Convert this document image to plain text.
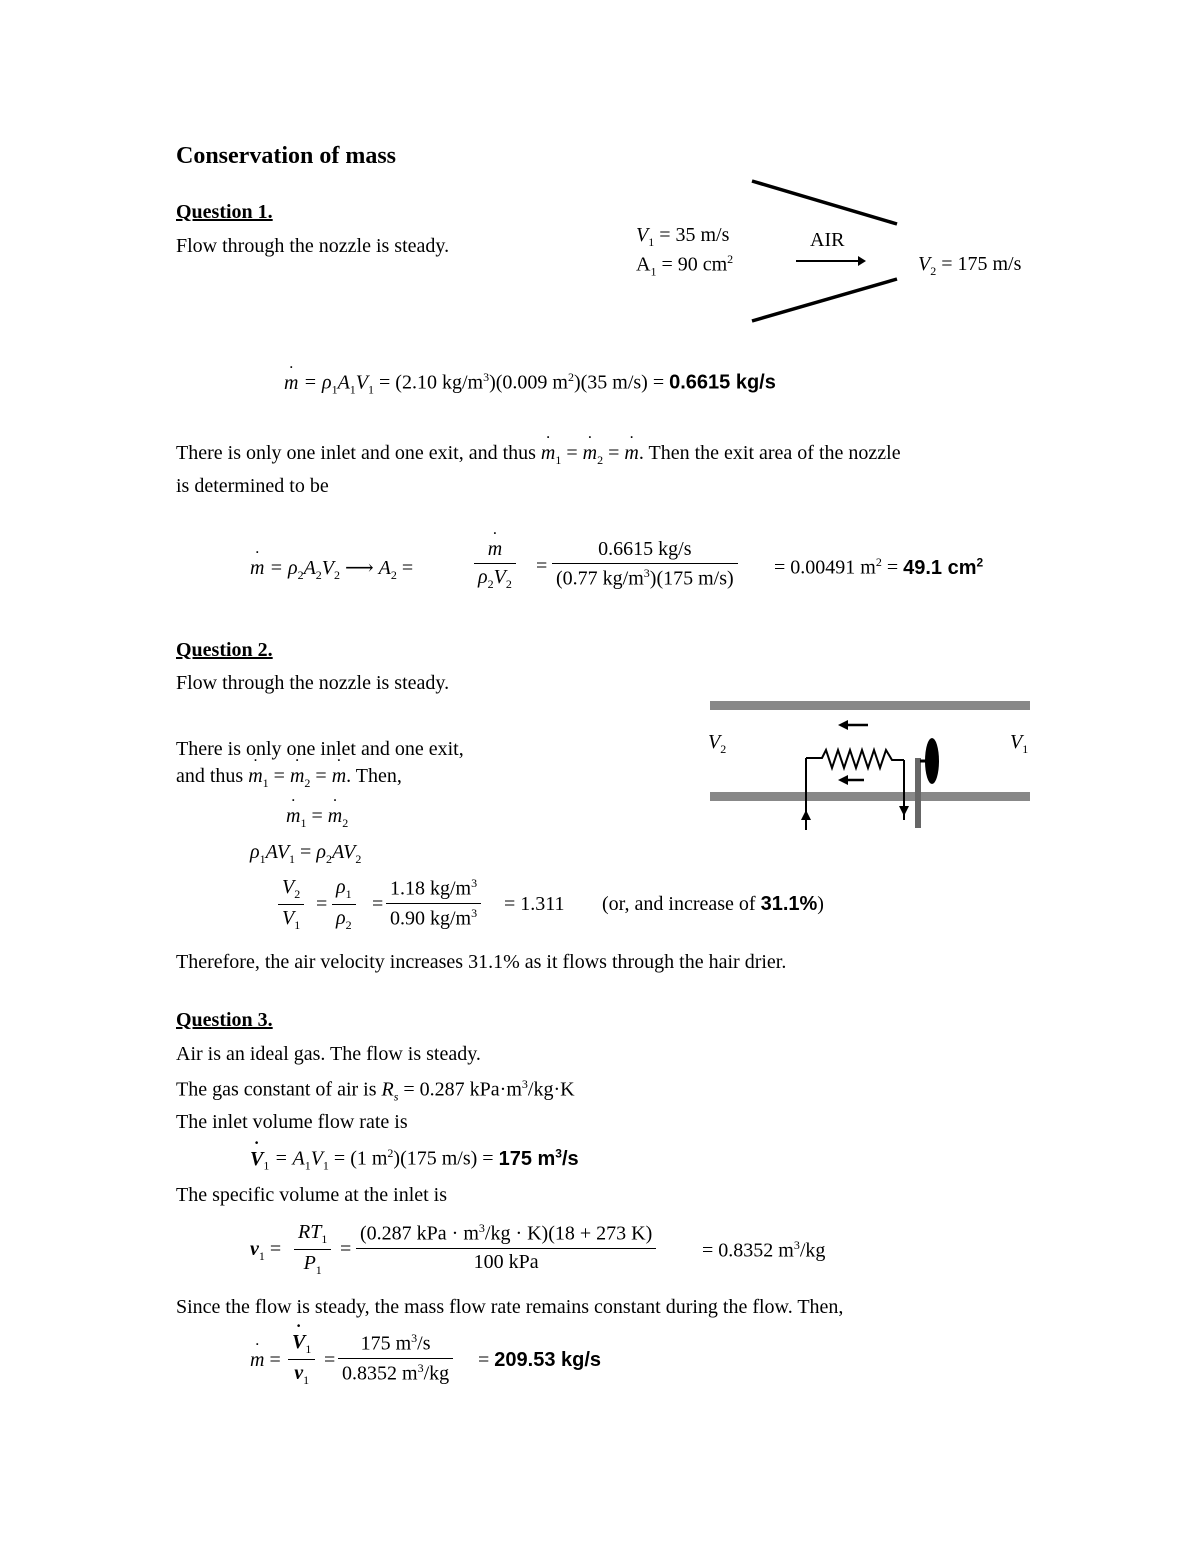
Conservation of mass
Question 1.
Flow through the nozzle is steady.	$V_1 = 35$ m/s
$A_1 = 90$ $cm^2$
AIR
$V_2 = 175$ m/s
˙ $m = \rho_1A_1V_1 = (2.10$ $kg/m^3)(0.009$ $m^2)(35$ m/s) = 0.6615 kg/s
There is only one inlet and one exit, and thus ˙ $m_1$ = ˙ $m_2$ = ˙ m. Then the exit area of the nozzle
is determined to be
˙ $m = \rho_2A_2V_2$ ⟶ $A_2$ =	˙ $\frac{m}{\rho_2V_2} = \frac{0.6615 kg/s}{(0.77 kg/m^3)(175 m/s)} = 0.00491$ $m^2 = 49.1$ $cm^2$
Question 2.
Flow through the nozzle is steady.
There is only one inlet and one exit,
and thus ˙ $m_1$ = ˙ $m_2$ = ˙ m. Then,
$V_2$	$V_1$
˙ $m_1$ = ˙ $m_2$
$\rho_1AV_1 = \rho_2AV_2$
$\frac{V_2}{V_1} = \frac{\rho_1}{\rho_2} = \frac{1.18 kg/m^3}{0.90 kg/m^3} = 1.311$ (or, and increase of 31.1%)
Therefore, the air velocity increases 31.1% as it flows through the hair drier.
Question 3.
Air is an ideal gas. The flow is steady.
The gas constant of air is $R_s = 0.287$ $kPa\cdot m^3/kg\cdot K$
The inlet volume flow rate is
˙ $V_1 = A_1V_1 = (1$ $m^2)(175$ m/s) = 175 $m^3/s$
The specific volume at the inlet is
$v_1 = \frac{RT_1}{P_1}$ =
(0.287 kPa · $m^3/kg \cdot K)(18 + 273$ K)
100 kPa	= 0.8352 $m^3/kg$
Since the flow is steady, the mass flow rate remains constant during the flow. Then,
˙ m = ˙ $\frac{V_1}{v_1} = \frac{175 m^3/s}{0.8352 m^3/kg} = 209.53$ kg/s
